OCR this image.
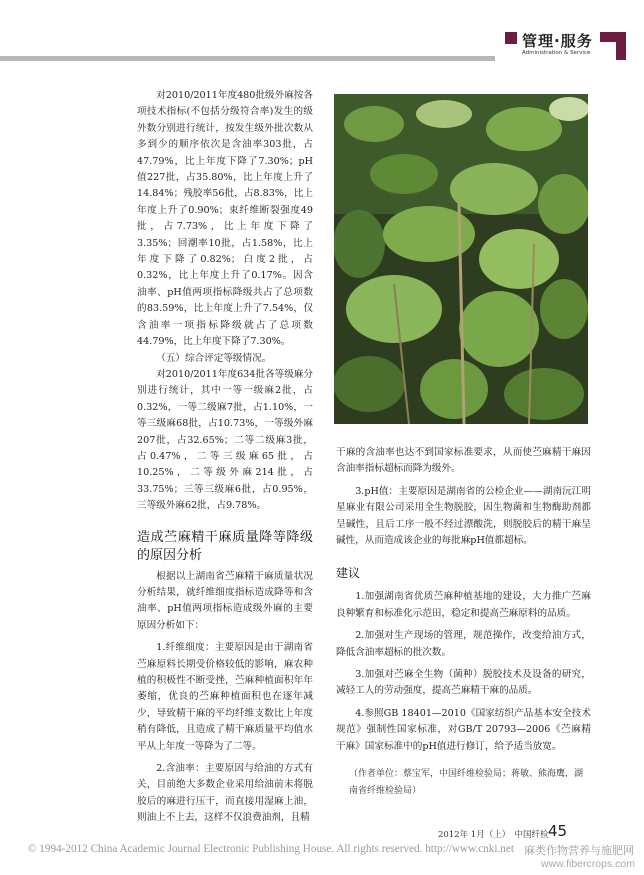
管理·服务
Administration & Service

对2010/2011年度480批级外麻按各项技术指标(不包括分级符合率)发生的级外数分别进行统计，按发生级外批次数从多到少的顺序依次是含油率303批，占47.79%，比上年度下降了7.30%；pH值227批，占35.80%，比上年度上升了14.84%；残胶率56批，占8.83%，比上年度上升了0.90%；束纤维断裂强度49批，占7.73%，比上年度下降了3.35%；回潮率10批，占1.58%，比上年度下降了0.82%；白度2批，占0.32%，比上年度上升了0.17%。因含油率、pH值两项指标降级共占了总项数的83.59%，比上年度上升了7.54%，仅含油率一项指标降级就占了总项数44.79%，比上年度下降了7.30%。

（五）综合评定等级情况。

对2010/2011年度634批各等级麻分别进行统计，其中一等一级麻2批，占0.32%，一等二级麻7批，占1.10%，一等三级麻68批，占10.73%，一等级外麻207批，占32.65%；二等二级麻3批，占0.47%，二等三级麻65批，占10.25%，二等级外麻214批，占33.75%；三等三级麻6批，占0.95%，三等级外麻62批，占9.78%。

造成苎麻精干麻质量降等降级的原因分析

根据以上湖南省苎麻精干麻质量状况分析结果，就纤维细度指标造成降等和含油率、pH值两项指标造成级外麻的主要原因分析如下：

1.纤维细度：主要原因是由于湖南省苎麻原料长期受价格较低的影响，麻农种植的积极性不断受挫，苎麻种植面积年年萎缩，优良的苎麻种植面积也在逐年减少，导致精干麻的平均纤维支数比上年度稍有降低，且造成了精干麻质量平均值水平从上年度一等降为了二等。

2.含油率：主要原因与给油的方式有关，目前绝大多数企业采用给油前未将脱胶后的麻进行压干，而直接用湿麻上油，则油上不上去，这样不仅浪费油剂，且精

干麻的含油率也达不到国家标准要求，从而使苎麻精干麻因含油率指标超标而降为级外。

3.pH值：主要原因是湖南省的公检企业——湖南沅江明星麻业有限公司采用全生物脱胶，因生物菌和生物酶助剂都呈碱性，且后工序一般不经过漂酸洗，则脱胶后的精干麻呈碱性，从而造成该企业的每批麻pH值都超标。

建议

1.加强湖南省优质苎麻种植基地的建设，大力推广苎麻良种繁育和标准化示范田，稳定和提高苎麻原料的品质。

2.加强对生产现场的管理，规范操作，改变给油方式，降低含油率超标的批次数。

3.加强对苎麻全生物（菌种）脱胶技术及设备的研究，减轻工人的劳动强度，提高苎麻精干麻的品质。

4.参照GB 18401—2010《国家纺织产品基本安全技术规范》强制性国家标准，对GB/T 20793—2006《苎麻精干麻》国家标准中的pH值进行修订，给予适当放宽。

（作者单位：蔡宝军，中国纤维检验局；蒋敏、熊海鹰，湖南省纤维检验局）
2012年 1月（上）　中国纤检 45
© 1994-2012 China Academic Journal Electronic Publishing House. All rights reserved. http://www.cnki.net 麻类作物营养与施肥网
www.fibercrops.com
